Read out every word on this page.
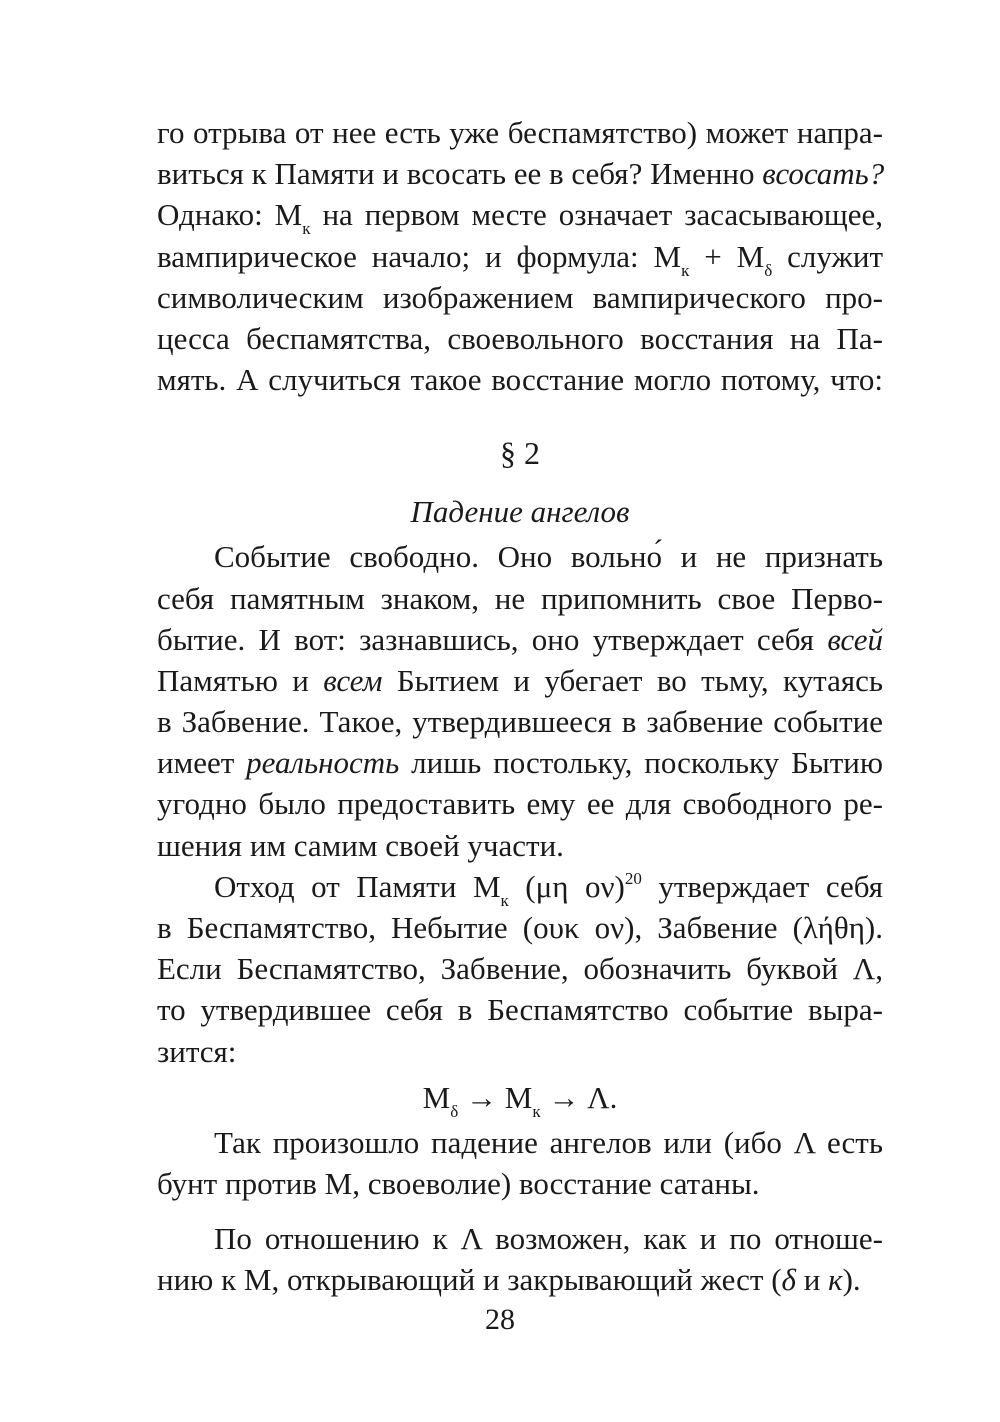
го отрыва от нее есть уже беспамятство) может напра-
виться к Памяти и всосать ее в себя? Именно всосать?
Однако: $М_к$ на первом месте означает засасывающее,
вампирическое начало; и формула: $М_к + М_\delta$ служит
символическим изображением вампирического про-
цесса беспамятства, своевольного восстания на Па-
мять. А случиться такое восстание могло потому, что:
§ 2
Падение ангелов
Событие свободно. Оно вольно́ и не признать
себя памятным знаком, не припомнить свое Перво-
бытие. И вот: зазнавшись, оно утверждает себя всей
Памятью и всем Бытием и убегает во тьму, кутаясь
в Забвение. Такое, утвердившееся в забвение событие
имеет реальность лишь постольку, поскольку Бытию
угодно было предоставить ему ее для свободного ре-
шения им самим своей участи.
Отход от Памяти $М_к$ (μη ον)$^{20}$ утверждает себя
в Беспамятство, Небытие (ουκ ον), Забвение (λήθη).
Если Беспамятство, Забвение, обозначить буквой Λ,
то утвердившее себя в Беспамятство событие выра-
зится:
$М_\delta \to М_к \to \Lambda$.
Так произошло падение ангелов или (ибо Λ есть
бунт против М, своеволие) восстание сатаны.
По отношению к Λ возможен, как и по отноше-
нию к М, открывающий и закрывающий жест (δ и к).
28
